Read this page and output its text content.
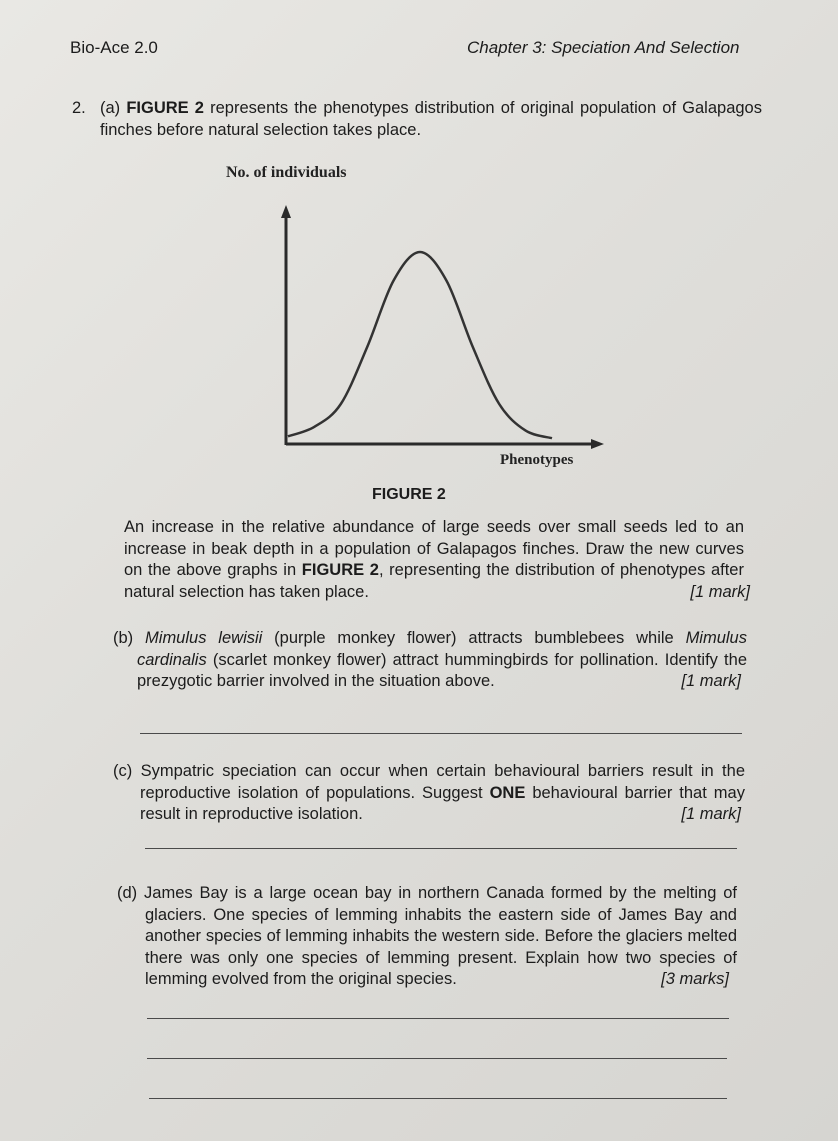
Bio-Ace 2.0	Chapter 3: Speciation And Selection
2. (a) FIGURE 2 represents the phenotypes distribution of original population of Galapagos finches before natural selection takes place.
No. of individuals
Phenotypes
FIGURE 2
An increase in the relative abundance of large seeds over small seeds led to an increase in beak depth in a population of Galapagos finches. Draw the new curves on the above graphs in FIGURE 2, representing the distribution of phenotypes after natural selection has taken place.	[1 mark]
(b) Mimulus lewisii (purple monkey flower) attracts bumblebees while Mimulus cardinalis (scarlet monkey flower) attract hummingbirds for pollination. Identify the prezygotic barrier involved in the situation above.	[1 mark]
(c) Sympatric speciation can occur when certain behavioural barriers result in the reproductive isolation of populations. Suggest ONE behavioural barrier that may result in reproductive isolation.	[1 mark]
(d) James Bay is a large ocean bay in northern Canada formed by the melting of glaciers. One species of lemming inhabits the eastern side of James Bay and another species of lemming inhabits the western side. Before the glaciers melted there was only one species of lemming present. Explain how two species of lemming evolved from the original species.	[3 marks]
